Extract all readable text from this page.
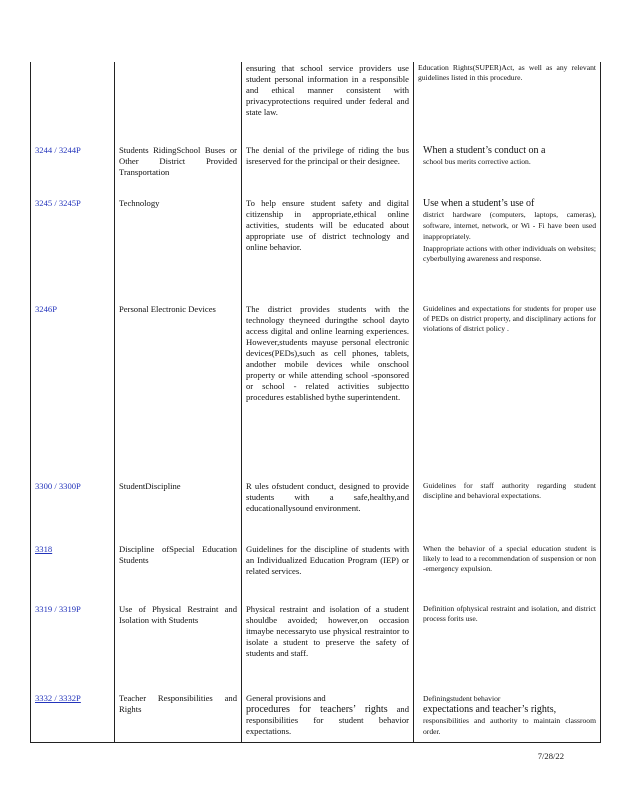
		ensuring that school service providers use student personal information in a responsible and ethical manner consistent with privacyprotections required under federal and state law.	Education Rights(SUPER)Act, as well as any relevant guidelines listed in this procedure.

3244 / 3244P	Students RidingSchool Buses or Other District Provided Transportation	The denial of the privilege of riding the bus isreserved for the principal or their designee.	When a student’s conduct on a
school bus merits corrective action.

3245 / 3245P	Technology	To help ensure student safety and digital citizenship in appropriate,ethical online activities, students will be educated about appropriate use of district technology and online behavior.	Use when a student’s use of
district hardware (computers, laptops, cameras), software, internet, network, or Wi - Fi have been used inappropriately.
Inappropriate actions with other individuals on websites; cyberbullying awareness and response.

3246P	Personal Electronic Devices	The district provides students with the technology theyneed duringthe school dayto access digital and online learning experiences. However,students mayuse personal electronic devices(PEDs),such as cell phones, tablets, andother mobile devices while onschool property or while attending school -sponsored or school - related activities subjectto procedures established bythe superintendent.	Guidelines and expectations for students for proper use of PEDs on district property, and disciplinary actions for violations of district policy .

3300 / 3300P	StudentDiscipline	R ules ofstudent conduct, designed to provide students with a safe,healthy,and educationallysound environment.	Guidelines for staff authority regarding student discipline and behavioral expectations.

3318	Discipline ofSpecial Education Students	Guidelines for the discipline of students with an Individualized Education Program (IEP) or related services.	When the behavior of a special education student is likely to lead to a recommendation of suspension or non -emergency expulsion.

3319 / 3319P	Use of Physical Restraint and Isolation with Students	Physical restraint and isolation of a student shouldbe avoided; however,on occasion itmaybe necessaryto use physical restraintor to isolate a student to preserve the safety of students and staff.	Definition ofphysical restraint and isolation, and district process forits use.

3332 / 3332P	Teacher Responsibilities and Rights	General provisions and
procedures for teachers’ rights and responsibilities for student behavior expectations.	Definingstudent behavior
expectations and teacher’s rights,
responsibilities and authority to maintain classroom order.
7/28/22
